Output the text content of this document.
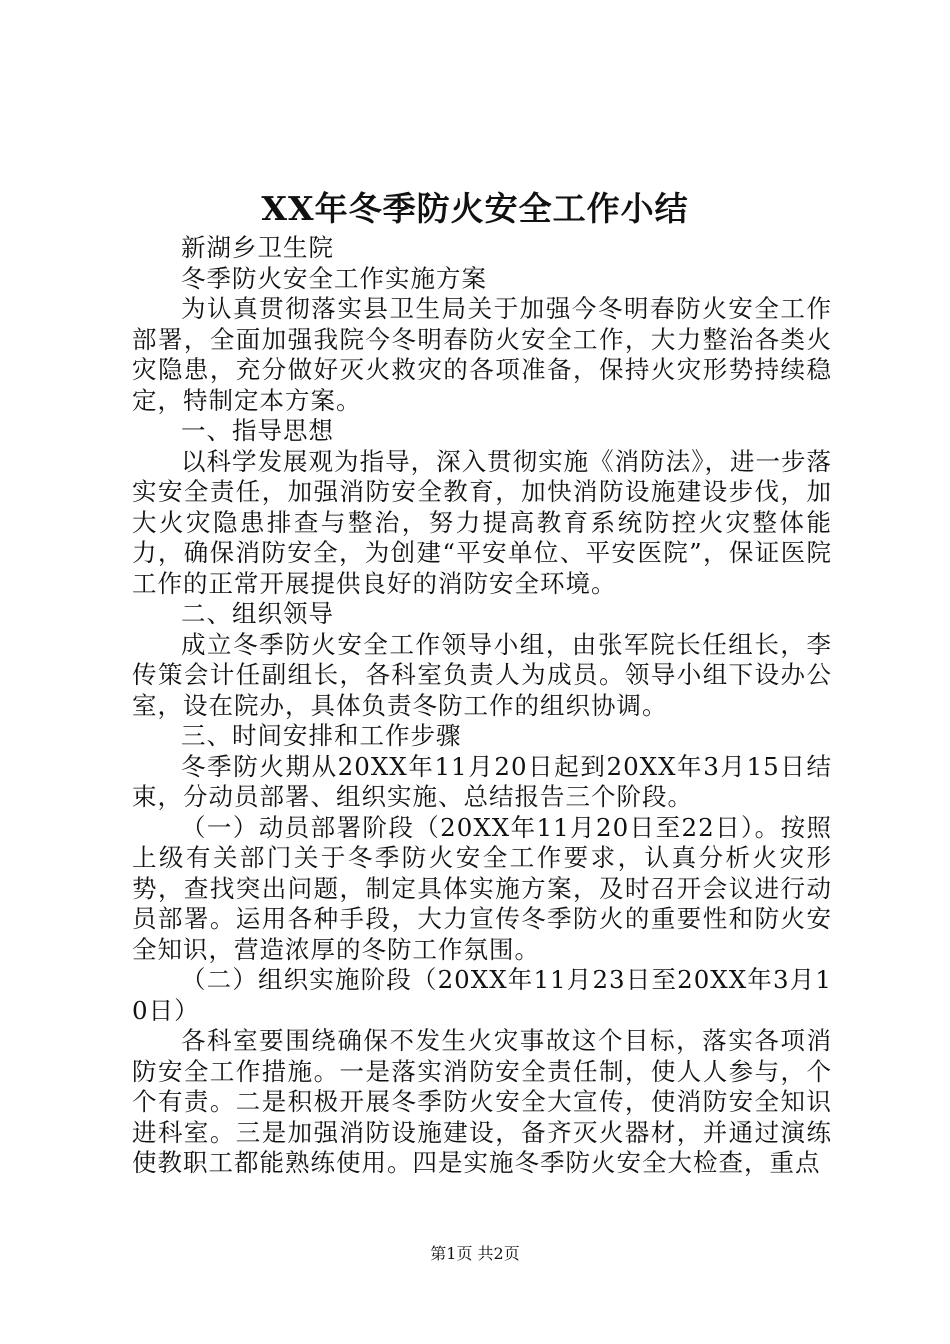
XX年冬季防火安全工作小结

新湖乡卫生院

冬季防火安全工作实施方案

为认真贯彻落实县卫生局关于加强今冬明春防火安全工作部署，全面加强我院今冬明春防火安全工作，大力整治各类火灾隐患，充分做好灭火救灾的各项准备，保持火灾形势持续稳定，特制定本方案。

一、指导思想

以科学发展观为指导，深入贯彻实施《消防法》，进一步落实安全责任，加强消防安全教育，加快消防设施建设步伐，加大火灾隐患排查与整治，努力提高教育系统防控火灾整体能力，确保消防安全，为创建“平安单位、平安医院”，保证医院工作的正常开展提供良好的消防安全环境。

二、组织领导

成立冬季防火安全工作领导小组，由张军院长任组长，李传策会计任副组长，各科室负责人为成员。领导小组下设办公室，设在院办，具体负责冬防工作的组织协调。

三、时间安排和工作步骤

冬季防火期从20XX年11月20日起到20XX年3月15日结束，分动员部署、组织实施、总结报告三个阶段。

（一）动员部署阶段（20XX年11月20日至22日）。按照上级有关部门关于冬季防火安全工作要求，认真分析火灾形势，查找突出问题，制定具体实施方案，及时召开会议进行动员部署。运用各种手段，大力宣传冬季防火的重要性和防火安全知识，营造浓厚的冬防工作氛围。

（二）组织实施阶段（20XX年11月23日至20XX年3月10日）

各科室要围绕确保不发生火灾事故这个目标，落实各项消防安全工作措施。一是落实消防安全责任制，使人人参与，个个有责。二是积极开展冬季防火安全大宣传，使消防安全知识进科室。三是加强消防设施建设，备齐灭火器材，并通过演练使教职工都能熟练使用。四是实施冬季防火安全大检查，重点

第1页 共2页
